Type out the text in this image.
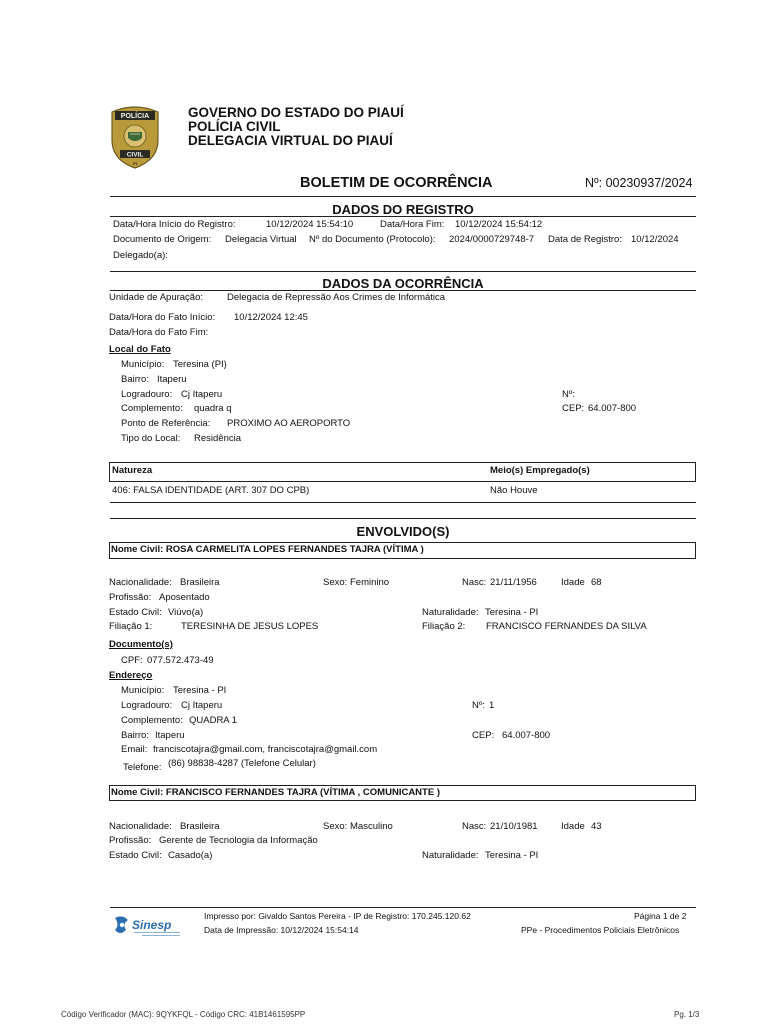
POLÍCIA
CIVIL
PI
GOVERNO DO ESTADO DO PIAUÍ
POLÍCIA CIVIL
DELEGACIA VIRTUAL DO PIAUÍ
BOLETIM DE OCORRÊNCIA	Nº: 00230937/2024
DADOS DO REGISTRO
Data/Hora Início do Registro:	10/12/2024 15:54:10	Data/Hora Fim: 10/12/2024 15:54:12
Documento de Origem: Delegacia Virtual Nº do Documento (Protocolo): 2024/0000729748-7 Data de Registro: 10/12/2024
Delegado(a):
DADOS DA OCORRÊNCIA
Unidade de Apuração:	Delegacia de Repressão Aos Crimes de Informática
Data/Hora do Fato Início: 10/12/2024 12:45
Data/Hora do Fato Fim:
Local do Fato
Município: Teresina (PI)
Bairro: Itaperu
Logradouro: Cj Itaperu	Nº:
Complemento: quadra q	CEP: 64.007-800
Ponto de Referência: PROXIMO AO AEROPORTO
Tipo do Local: Residência
Natureza	Meio(s) Empregado(s)
406: FALSA IDENTIDADE (ART. 307 DO CPB)	Não Houve
ENVOLVIDO(S)
Nome Civil: ROSA CARMELITA LOPES FERNANDES TAJRA (VÍTIMA )
Nacionalidade: Brasileira	Sexo: Feminino	Nasc: 21/11/1956	Idade 68
Profissão: Aposentado
Estado Civil: Viúvo(a)	Naturalidade: Teresina - PI
Filiação 1:	TERESINHA DE JESUS LOPES	Filiação 2: FRANCISCO FERNANDES DA SILVA
Documento(s)
CPF: 077.572.473-49
Endereço
Município: Teresina - PI
Logradouro: Cj Itaperu	Nº: 1
Complemento: QUADRA 1
Bairro: Itaperu	CEP: 64.007-800
Email: franciscotajra@gmail.com, franciscotajra@gmail.com
Telefone: (86) 98838-4287 (Telefone Celular)
Nome Civil: FRANCISCO FERNANDES TAJRA (VÍTIMA , COMUNICANTE )
Nacionalidade: Brasileira	Sexo: Masculino	Nasc: 21/10/1981 Idade 43
Profissão: Gerente de Tecnologia da Informação
Estado Civil: Casado(a)	Naturalidade: Teresina - PI
Sinesp
Impresso por: Givaldo Santos Pereira - IP de Registro: 170.245.120.62
Data de Impressão: 10/12/2024 15:54:14
Página 1 de 2
PPe - Procedimentos Policiais Eletrônicos
Código Verificador (MAC): 9QYKFQL - Código CRC: 41B1461595PP	Pg. 1/3
